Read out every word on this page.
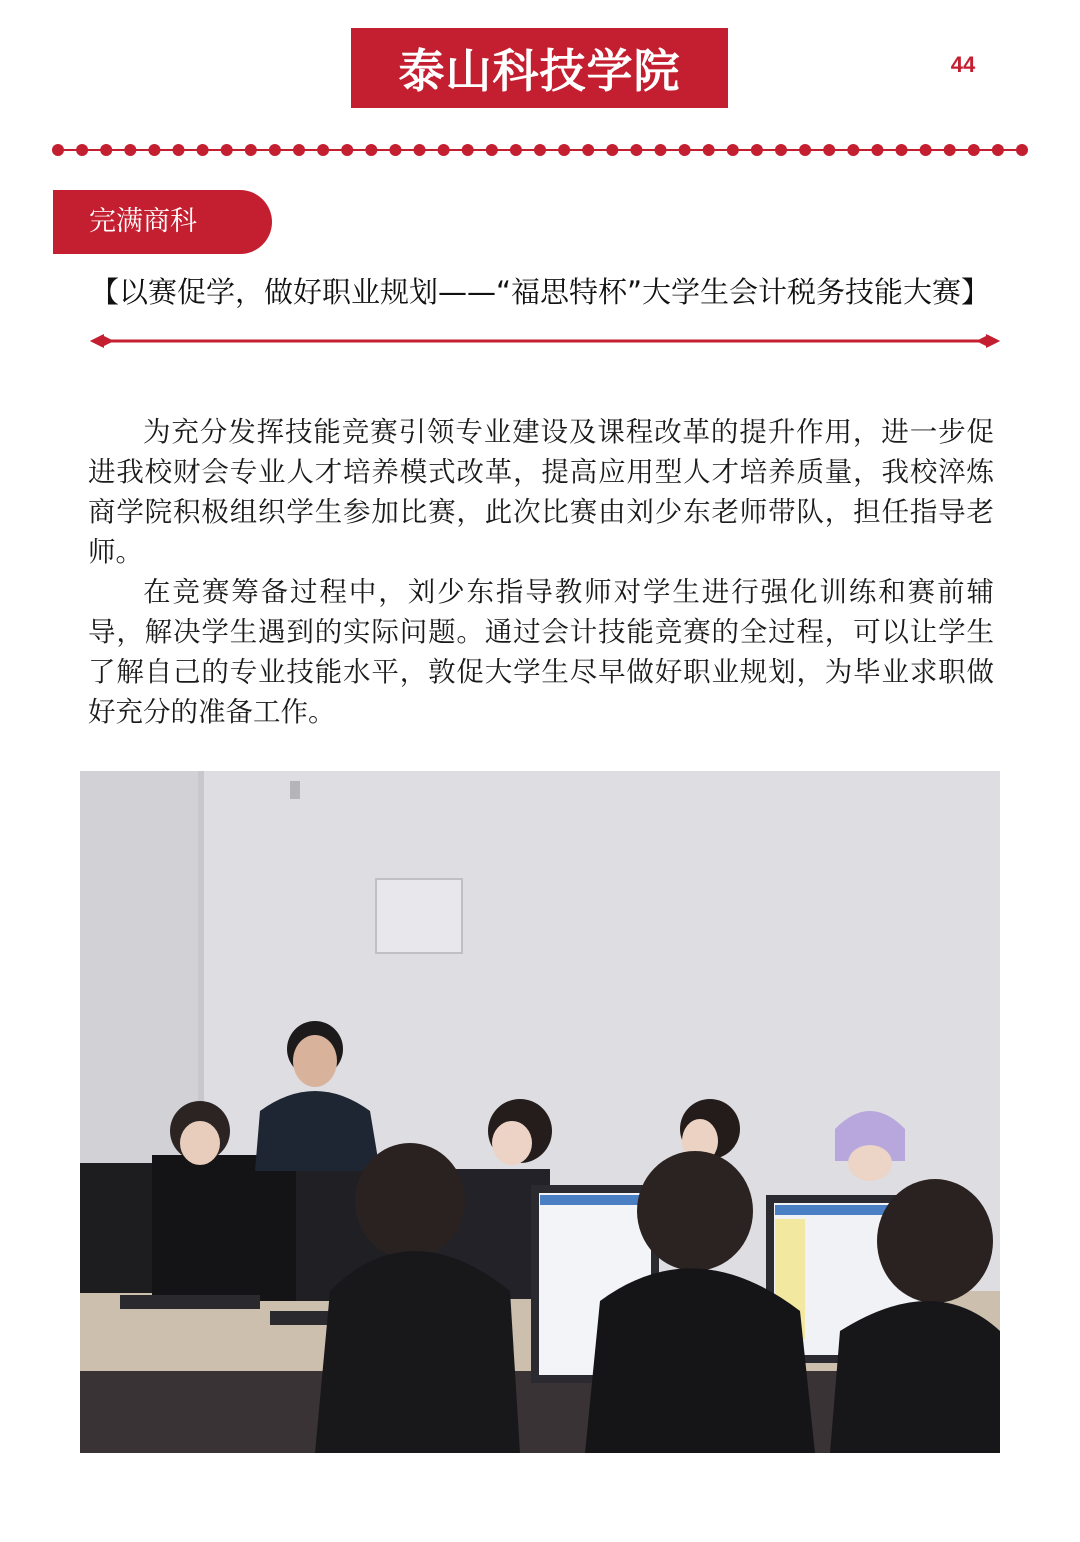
泰山科技学院	44
完满商科
【以赛促学，做好职业规划——“福思特杯”大学生会计税务技能大赛】

为充分发挥技能竞赛引领专业建设及课程改革的提升作用，进一步促进我校财会专业人才培养模式改革，提高应用型人才培养质量，我校淬炼商学院积极组织学生参加比赛，此次比赛由刘少东老师带队，担任指导老师。

在竞赛筹备过程中，刘少东指导教师对学生进行强化训练和赛前辅导，解决学生遇到的实际问题。通过会计技能竞赛的全过程，可以让学生了解自己的专业技能水平，敦促大学生尽早做好职业规划，为毕业求职做好充分的准备工作。
